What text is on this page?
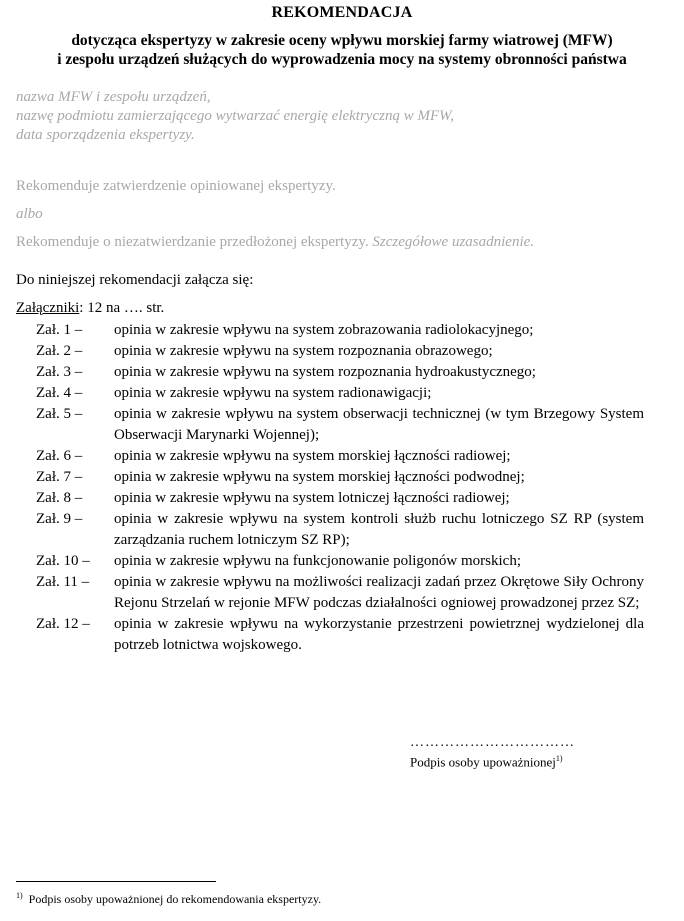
REKOMENDACJA
dotycząca ekspertyzy w zakresie oceny wpływu morskiej farmy wiatrowej (MFW)
i zespołu urządzeń służących do wyprowadzenia mocy na systemy obronności państwa
nazwa MFW i zespołu urządzeń,
nazwę podmiotu zamierzającego wytwarzać energię elektryczną w MFW,
data sporządzenia ekspertyzy.
Rekomenduje zatwierdzenie opiniowanej ekspertyzy.
albo
Rekomenduje o niezatwierdzanie przedłożonej ekspertyzy. Szczegółowe uzasadnienie.
Do niniejszej rekomendacji załącza się:
Załączniki: 12 na …. str.
Zał. 1 –	opinia w zakresie wpływu na system zobrazowania radiolokacyjnego;
Zał. 2 –	opinia w zakresie wpływu na system rozpoznania obrazowego;
Zał. 3 –	opinia w zakresie wpływu na system rozpoznania hydroakustycznego;
Zał. 4 –	opinia w zakresie wpływu na system radionawigacji;
Zał. 5 –	opinia w zakresie wpływu na system obserwacji technicznej (w tym Brzegowy System Obserwacji Marynarki Wojennej);
Zał. 6 –	opinia w zakresie wpływu na system morskiej łączności radiowej;
Zał. 7 –	opinia w zakresie wpływu na system morskiej łączności podwodnej;
Zał. 8 –	opinia w zakresie wpływu na system lotniczej łączności radiowej;
Zał. 9 –	opinia w zakresie wpływu na system kontroli służb ruchu lotniczego SZ RP (system zarządzania ruchem lotniczym SZ RP);
Zał. 10 –	opinia w zakresie wpływu na funkcjonowanie poligonów morskich;
Zał. 11 –	opinia w zakresie wpływu na możliwości realizacji zadań przez Okrętowe Siły Ochrony Rejonu Strzelań w rejonie MFW podczas działalności ogniowej prowadzonej przez SZ;
Zał. 12 –	opinia w zakresie wpływu na wykorzystanie przestrzeni powietrznej wydzielonej dla potrzeb lotnictwa wojskowego.
……………………………
Podpis osoby upoważnionej$^{1)}$
$^{1)}$ Podpis osoby upoważnionej do rekomendowania ekspertyzy.
